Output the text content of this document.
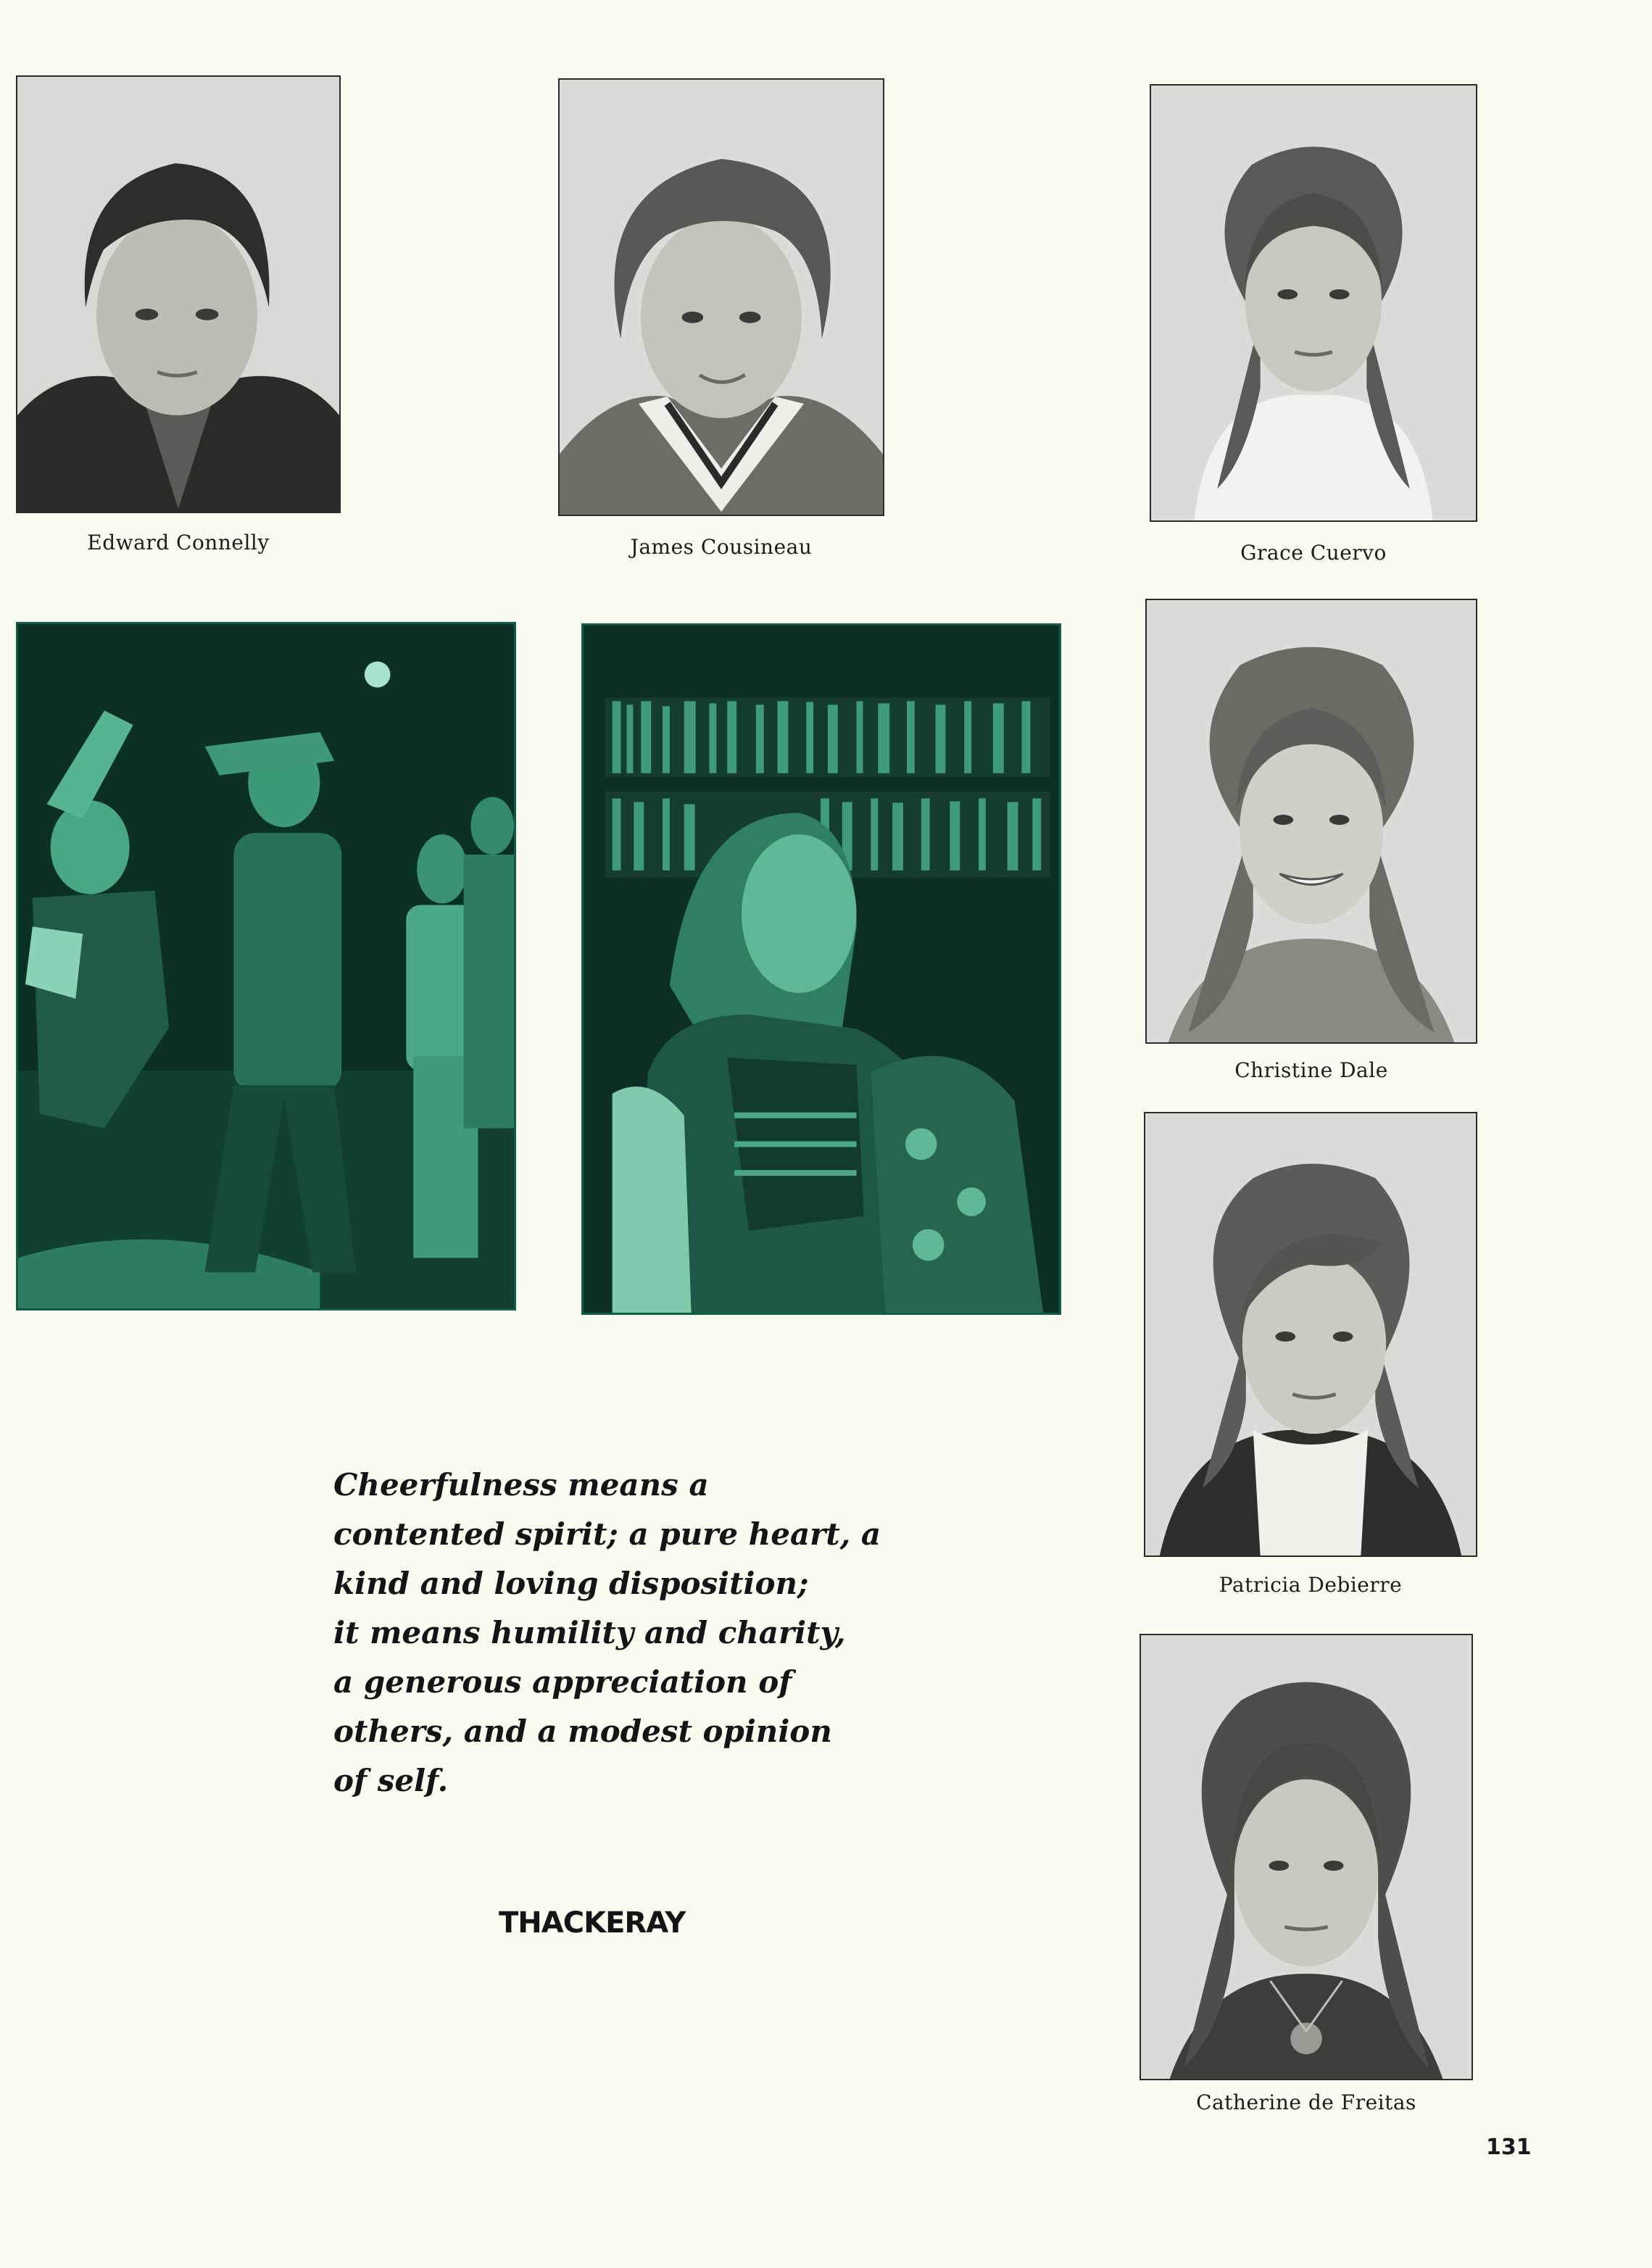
Edward Connelly	James Cousineau	Grace Cuervo
Christine Dale
Patricia Debierre
Catherine de Freitas
Cheerfulness means a
contented spirit; a pure heart, a
kind and loving disposition;
it means humility and charity,
a generous appreciation of
others, and a modest opinion
of self.
THACKERAY
131
